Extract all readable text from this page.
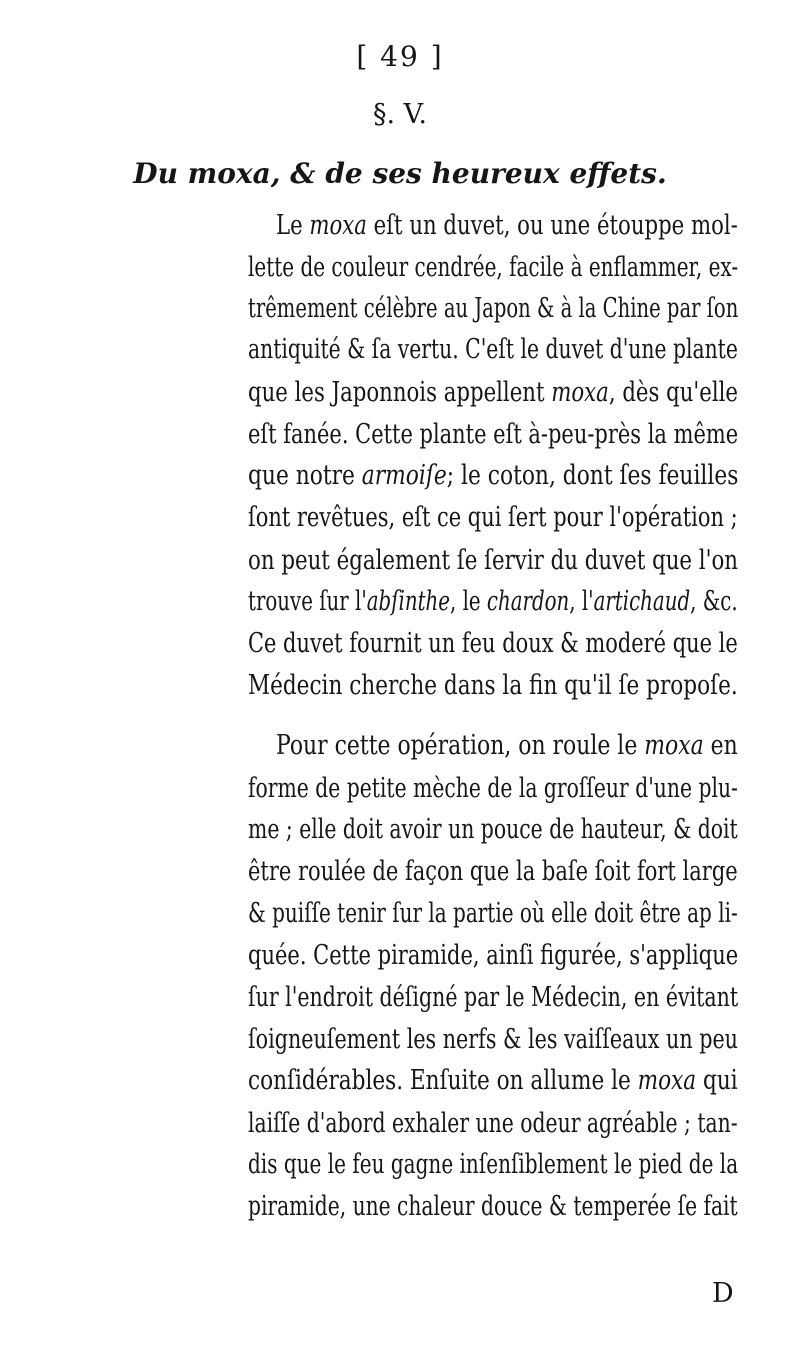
[ 49 ]
§. V.
Du moxa, & de ses heureux effets.
Le moxa eſt un duvet, ou une étouppe mol-
lette de couleur cendrée, facile à enflammer, ex-
trêmement célèbre au Japon & à la Chine par ſon
antiquité & ſa vertu. C'eſt le duvet d'une plante
que les Japonnois appellent moxa, dès qu'elle
eſt fanée. Cette plante eſt à-peu-près la même
que notre armoiſe; le coton, dont ſes feuilles
ſont revêtues, eſt ce qui ſert pour l'opération ;
on peut également ſe ſervir du duvet que l'on
trouve ſur l'abſinthe, le chardon, l'artichaud, &c.
Ce duvet fournit un feu doux & moderé que le
Médecin cherche dans la fin qu'il ſe propoſe.
Pour cette opération, on roule le moxa en
forme de petite mèche de la groſſeur d'une plu-
me ; elle doit avoir un pouce de hauteur, & doit
être roulée de façon que la baſe ſoit fort large
& puiſſe tenir ſur la partie où elle doit être ap li-
quée. Cette piramide, ainſi figurée, s'applique
ſur l'endroit déſigné par le Médecin, en évitant
ſoigneuſement les nerfs & les vaiſſeaux un peu
conſidérables. Enſuite on allume le moxa qui
laiſſe d'abord exhaler une odeur agréable ; tan-
dis que le feu gagne inſenſiblement le pied de la
piramide, une chaleur douce & temperée ſe fait
D
